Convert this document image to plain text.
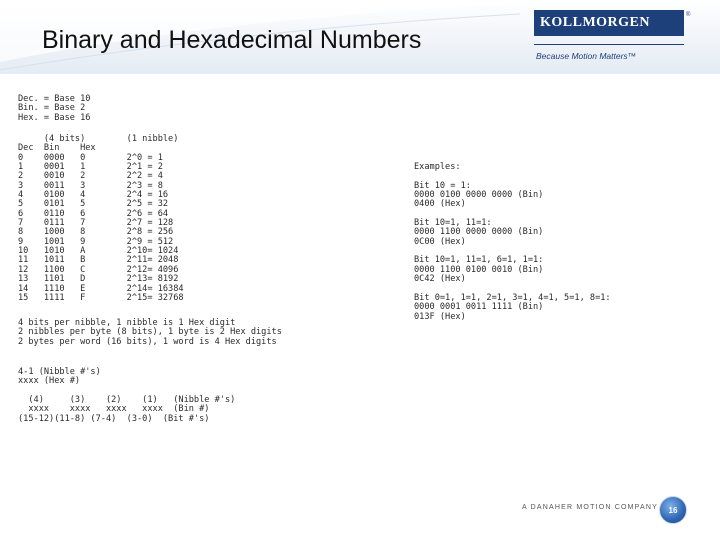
Binary and Hexadecimal Numbers
KOLLMORGEN	®
Because Motion Matters™
Dec. = Base 10
Bin. = Base 2
Hex. = Base 16
(4 bits)        (1 nibble)
Dec  Bin    Hex
0    0000   0        2^0 = 1
1    0001   1        2^1 = 2
2    0010   2        2^2 = 4
3    0011   3        2^3 = 8
4    0100   4        2^4 = 16
5    0101   5        2^5 = 32
6    0110   6        2^6 = 64
7    0111   7        2^7 = 128
8    1000   8        2^8 = 256
9    1001   9        2^9 = 512
10   1010   A        2^10= 1024
11   1011   B        2^11= 2048
12   1100   C        2^12= 4096
13   1101   D        2^13= 8192
14   1110   E        2^14= 16384
15   1111   F        2^15= 32768
4 bits per nibble, 1 nibble is 1 Hex digit
2 nibbles per byte (8 bits), 1 byte is 2 Hex digits
2 bytes per word (16 bits), 1 word is 4 Hex digits
4-1 (Nibble #'s)
xxxx (Hex #)

(4)     (3)    (2)    (1)   (Nibble #'s)
xxxx    xxxx   xxxx   xxxx  (Bin #)
(15-12)(11-8) (7-4)  (3-0)  (Bit #'s)
Examples:

Bit 10 = 1:
0000 0100 0000 0000 (Bin)
0400 (Hex)

Bit 10=1, 11=1:
0000 1100 0000 0000 (Bin)
0C00 (Hex)

Bit 10=1, 11=1, 6=1, 1=1:
0000 1100 0100 0010 (Bin)
0C42 (Hex)

Bit 0=1, 1=1, 2=1, 3=1, 4=1, 5=1, 8=1:
0000 0001 0011 1111 (Bin)
013F (Hex)
A DANAHER MOTION COMPANY 16
